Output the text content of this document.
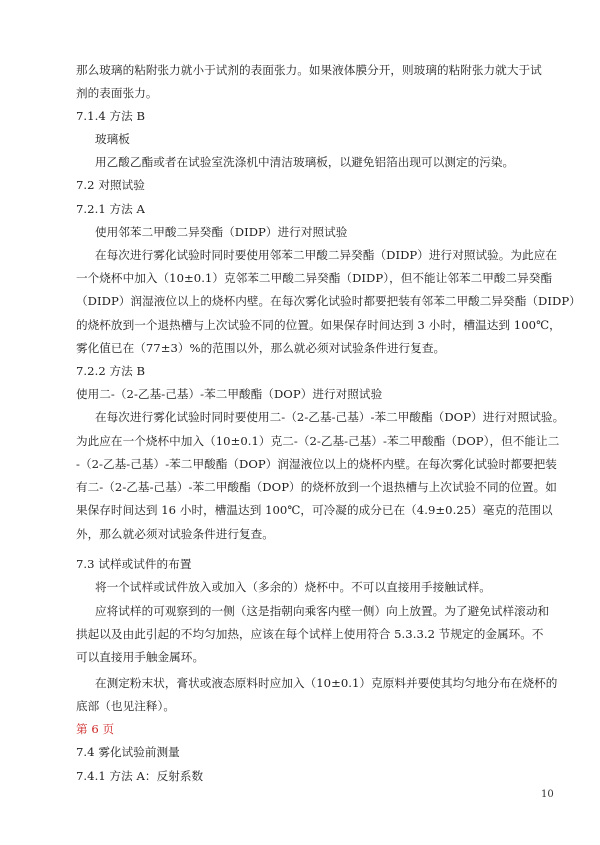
那么玻璃的粘附张力就小于试剂的表面张力。如果液体膜分开，则玻璃的粘附张力就大于试
剂的表面张力。
7.1.4 方法 B
玻璃板
用乙酸乙酯或者在试验室洗涤机中清洁玻璃板，以避免铝箔出现可以测定的污染。
7.2 对照试验
7.2.1 方法 A
使用邻苯二甲酸二异癸酯（DIDP）进行对照试验
在每次进行雾化试验时同时要使用邻苯二甲酸二异癸酯（DIDP）进行对照试验。为此应在
一个烧杯中加入（10±0.1）克邻苯二甲酸二异癸酯（DIDP），但不能让邻苯二甲酸二异癸酯
（DIDP）润湿液位以上的烧杯内壁。在每次雾化试验时都要把装有邻苯二甲酸二异癸酯（DIDP）
的烧杯放到一个退热槽与上次试验不同的位置。如果保存时间达到 3 小时，槽温达到 100℃，
雾化值已在（77±3）%的范围以外，那么就必须对试验条件进行复查。
7.2.2 方法 B
使用二-（2-乙基-己基）-苯二甲酸酯（DOP）进行对照试验
在每次进行雾化试验时同时要使用二-（2-乙基-己基）-苯二甲酸酯（DOP）进行对照试验。
为此应在一个烧杯中加入（10±0.1）克二-（2-乙基-己基）-苯二甲酸酯（DOP），但不能让二
-（2-乙基-己基）-苯二甲酸酯（DOP）润湿液位以上的烧杯内壁。在每次雾化试验时都要把装
有二-（2-乙基-己基）-苯二甲酸酯（DOP）的烧杯放到一个退热槽与上次试验不同的位置。如
果保存时间达到 16 小时，槽温达到 100℃，可冷凝的成分已在（4.9±0.25）毫克的范围以
外，那么就必须对试验条件进行复查。
7.3 试样或试件的布置
将一个试样或试件放入或加入（多余的）烧杯中。不可以直接用手接触试样。
应将试样的可观察到的一侧（这是指朝向乘客内壁一侧）向上放置。为了避免试样滚动和
拱起以及由此引起的不均匀加热，应该在每个试样上使用符合 5.3.3.2 节规定的金属环。不
可以直接用手触金属环。
在测定粉末状，膏状或液态原料时应加入（10±0.1）克原料并要使其均匀地分布在烧杯的
底部（也见注释）。
第 6 页
7.4 雾化试验前测量
7.4.1 方法 A：反射系数
10
